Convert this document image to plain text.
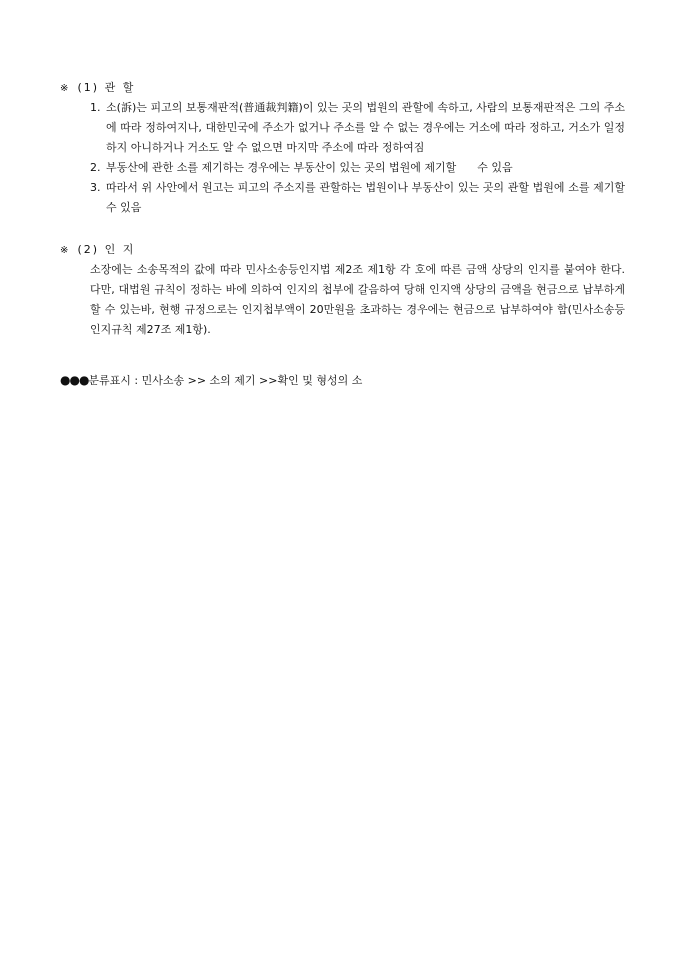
※ (1) 관 할
1. 소(訴)는 피고의 보통재판적(普通裁判籍)이 있는 곳의 법원의 관할에 속하고, 사람의 보통재판적은 그의 주소에 따라 정하여지나, 대한민국에 주소가 없거나 주소를 알 수 없는 경우에는 거소에 따라 정하고, 거소가 일정하지 아니하거나 거소도 알 수 없으면 마지막 주소에 따라 정하여짐
2. 부동산에 관한 소를 제기하는 경우에는 부동산이 있는 곳의 법원에 제기할      수 있음
3. 따라서 위 사안에서 원고는 피고의 주소지를 관할하는 법원이나 부동산이 있는 곳의 관할 법원에 소를 제기할 수 있음
※ (2) 인 지

소장에는 소송목적의 값에 따라 민사소송등인지법 제2조 제1항 각 호에 따른 금액 상당의 인지를 붙여야 한다. 다만, 대법원 규칙이 정하는 바에 의하여 인지의 첩부에 갈음하여 당해 인지액 상당의 금액을 현금으로 납부하게 할 수 있는바, 현행 규정으로는 인지첩부액이 20만원을 초과하는 경우에는 현금으로 납부하여야 함(민사소송등인지규칙 제27조 제1항).

●●●분류표시 : 민사소송 >> 소의 제기 >>확인 및 형성의 소
